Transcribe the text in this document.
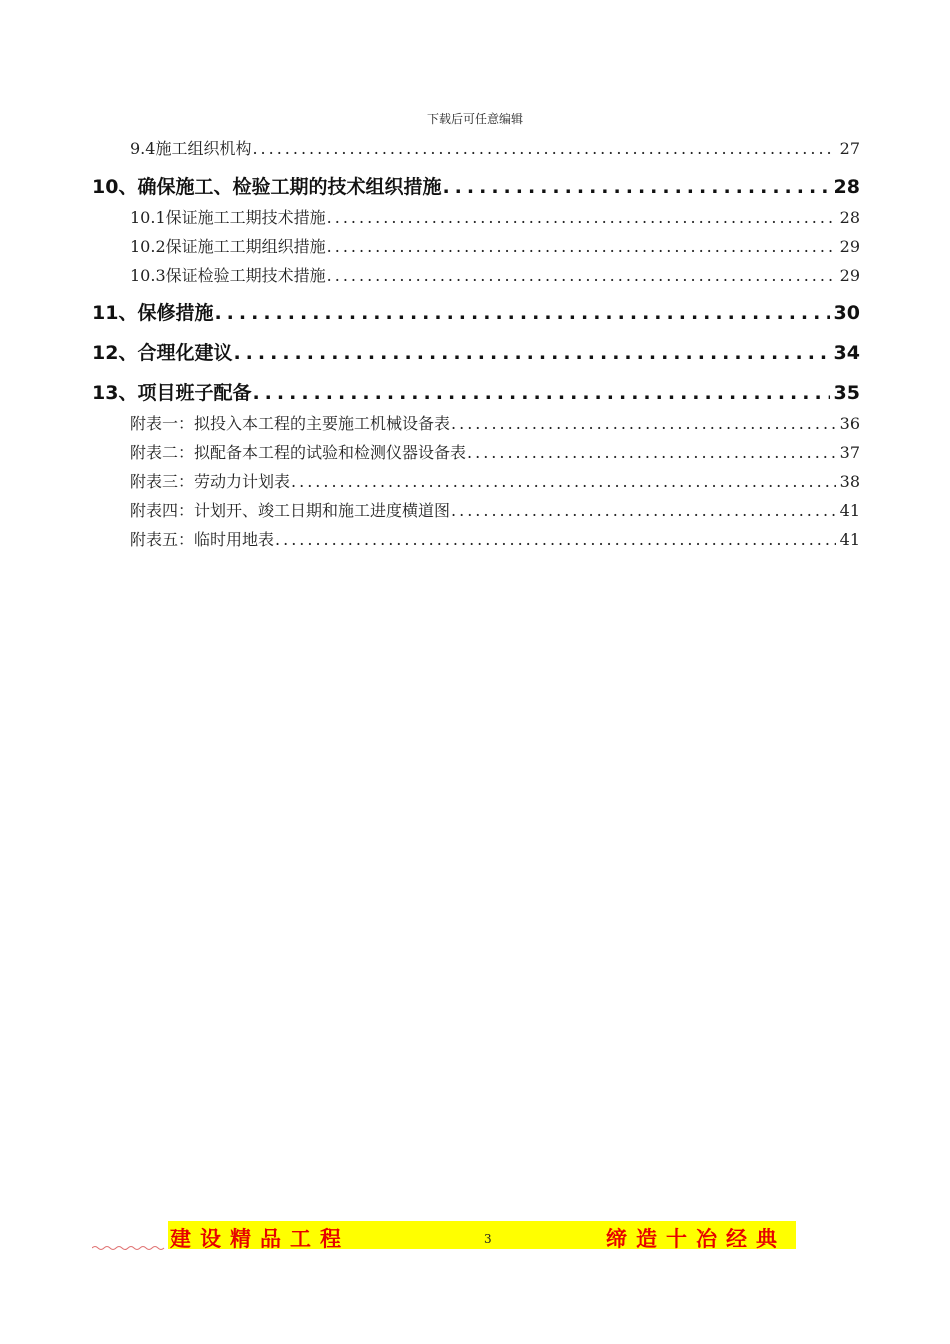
下载后可任意编辑
9.4施工组织机构 .....	27
10、确保施工、检验工期的技术组织措施 .....	28
10.1保证施工工期技术措施 .....	28
10.2保证施工工期组织措施 .....	29
10.3保证检验工期技术措施 .....	29
11、保修措施 .....	30
12、合理化建议 .....	34
13、项目班子配备 .....	35
附表一：拟投入本工程的主要施工机械设备表 .....	36
附表二：拟配备本工程的试验和检测仪器设备表 .....	37
附表三：劳动力计划表 .....	38
附表四：计划开、竣工日期和施工进度横道图 .....	41
附表五：临时用地表 .....	41
建设精品工程	3	缔造十冶经典
